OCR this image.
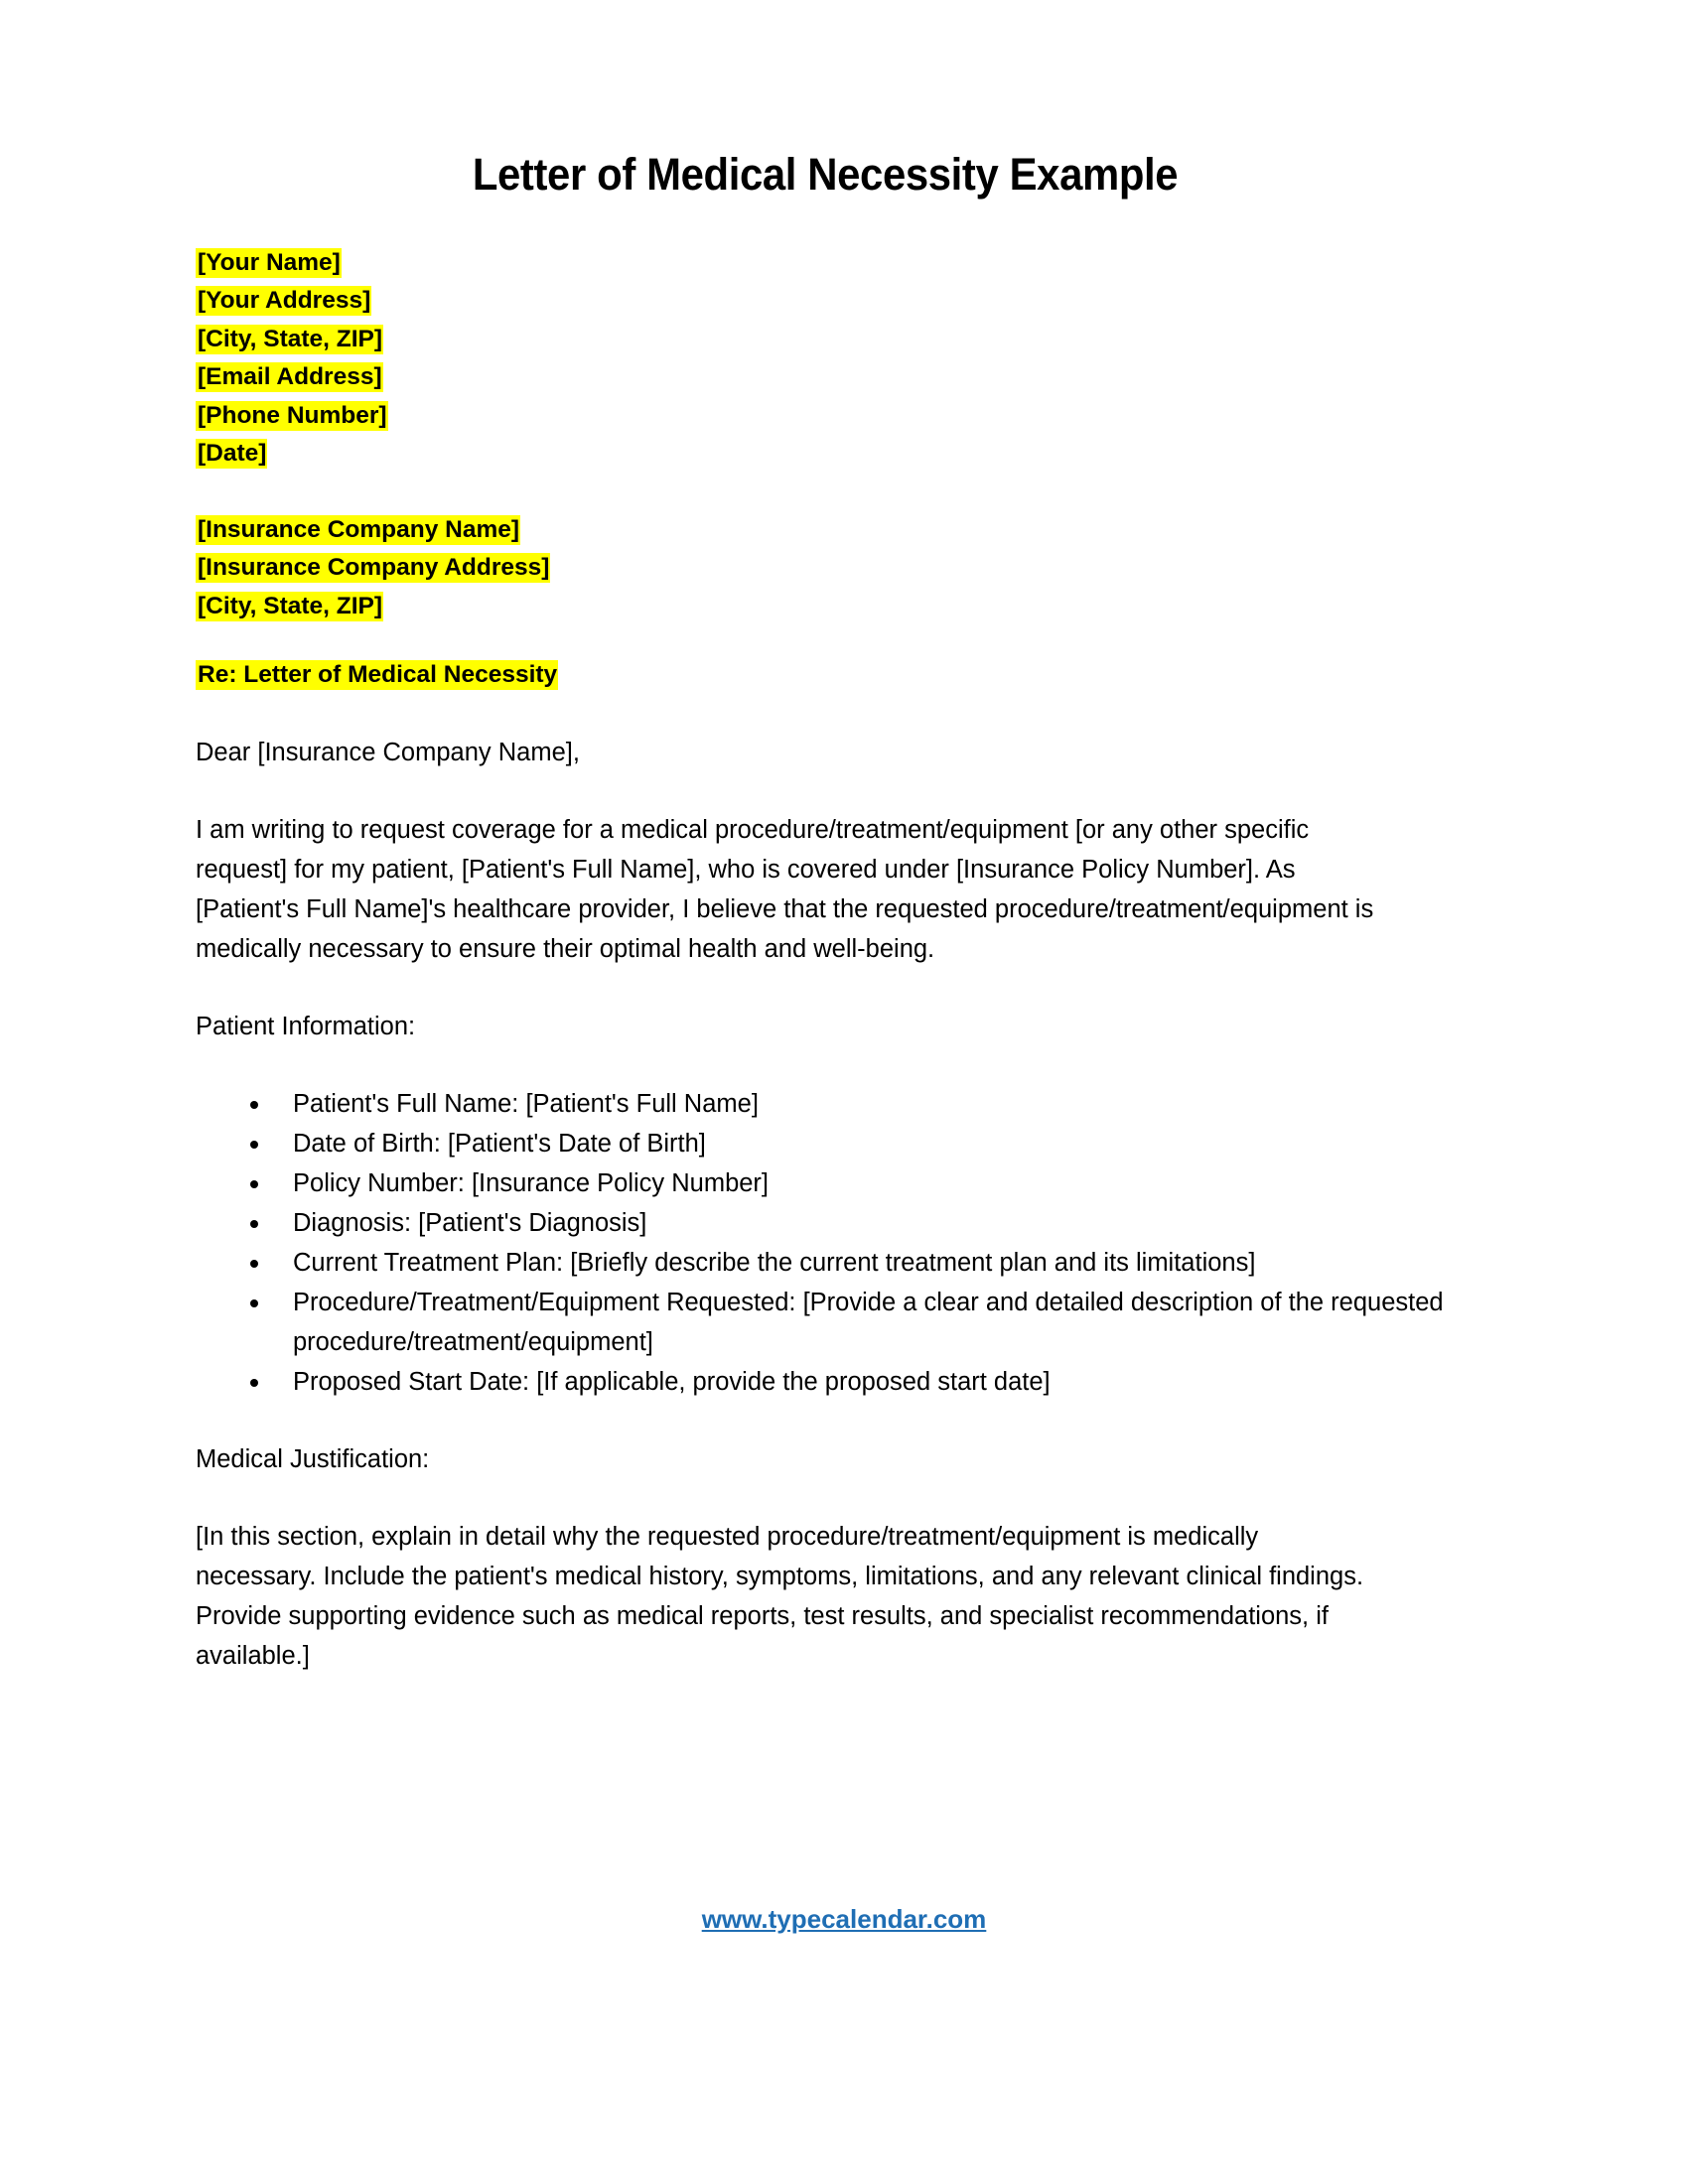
Letter of Medical Necessity Example

[Your Name]

[Your Address]

[City, State, ZIP]

[Email Address]

[Phone Number]

[Date]

[Insurance Company Name]

[Insurance Company Address]

[City, State, ZIP]

Re: Letter of Medical Necessity

Dear [Insurance Company Name],

I am writing to request coverage for a medical procedure/treatment/equipment [or any other specific request] for my patient, [Patient's Full Name], who is covered under [Insurance Policy Number]. As [Patient's Full Name]'s healthcare provider, I believe that the requested procedure/treatment/equipment is medically necessary to ensure their optimal health and well-being.

Patient Information:

Patient's Full Name: [Patient's Full Name]
Date of Birth: [Patient's Date of Birth]
Policy Number: [Insurance Policy Number]
Diagnosis: [Patient's Diagnosis]
Current Treatment Plan: [Briefly describe the current treatment plan and its limitations]
Procedure/Treatment/Equipment Requested: [Provide a clear and detailed description of the requested procedure/treatment/equipment]
Proposed Start Date: [If applicable, provide the proposed start date]

Medical Justification:

[In this section, explain in detail why the requested procedure/treatment/equipment is medically necessary. Include the patient's medical history, symptoms, limitations, and any relevant clinical findings. Provide supporting evidence such as medical reports, test results, and specialist recommendations, if available.]

www.typecalendar.com
